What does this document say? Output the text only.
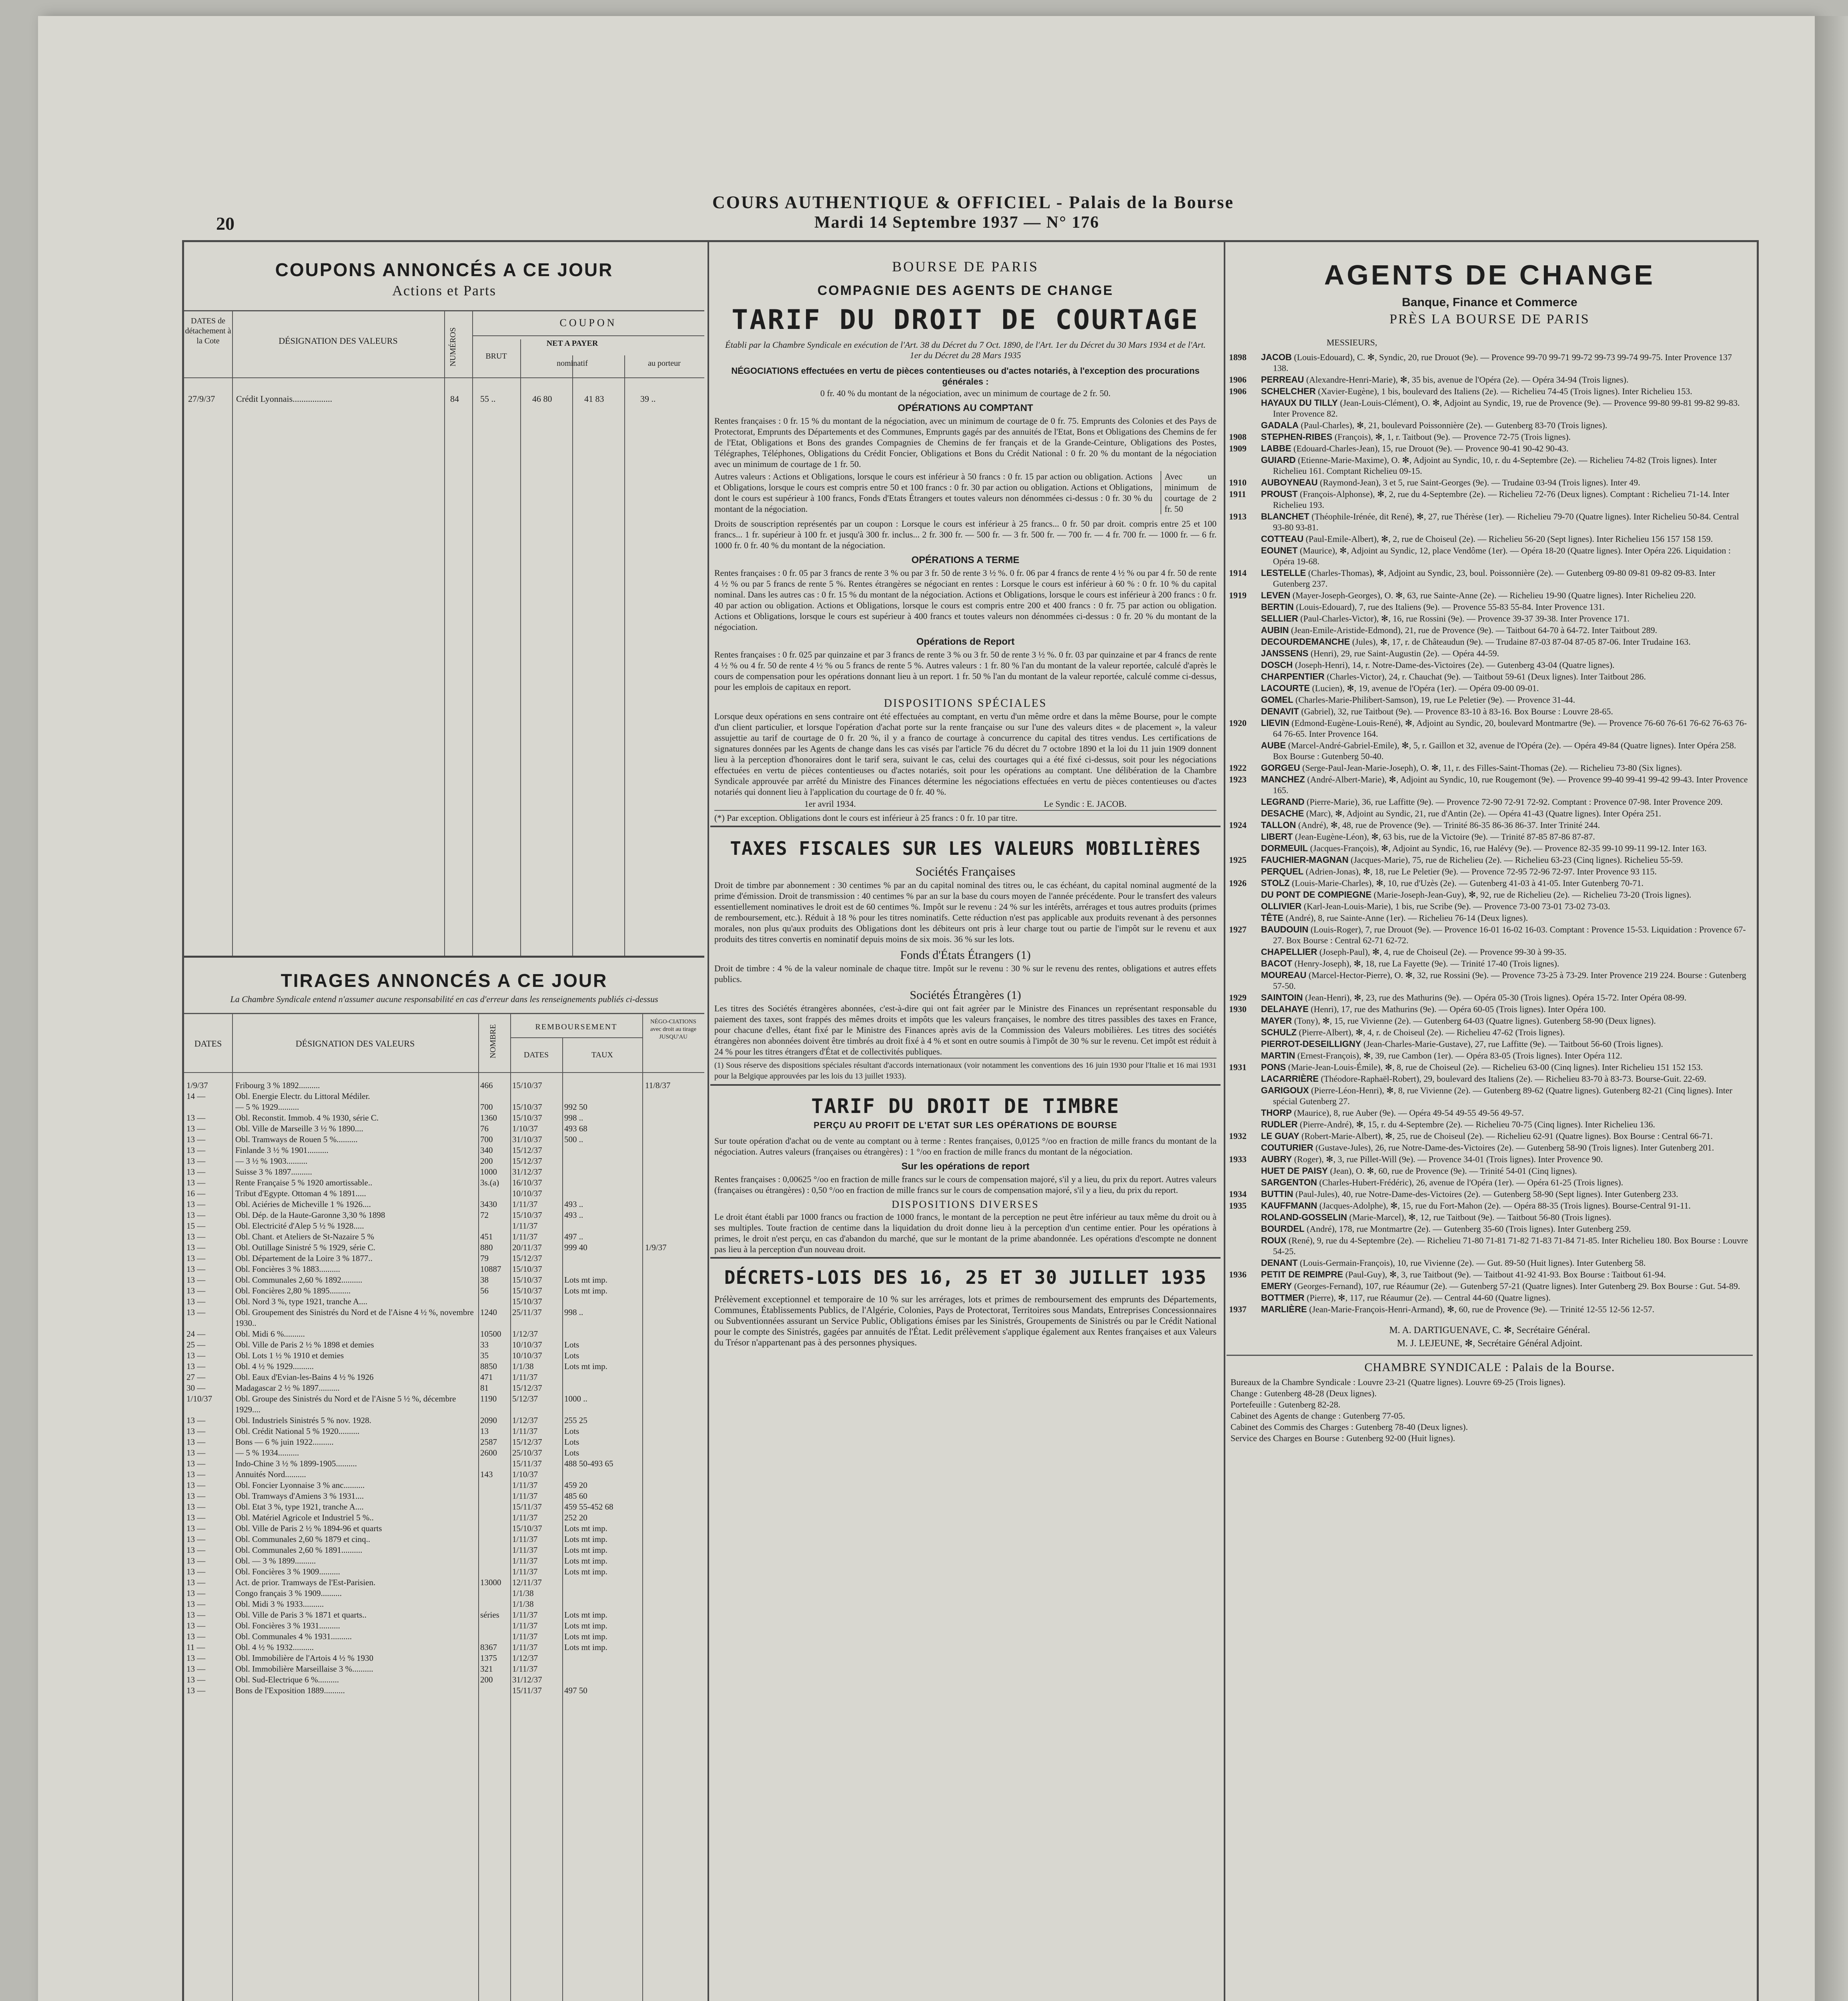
COURS AUTHENTIQUE & OFFICIEL - Palais de la Bourse
20	Mardi 14 Septembre 1937 — N° 176
COUPONS ANNONCÉS A CE JOUR
Actions et Parts
DATES de détachement à la Cote	DÉSIGNATION DES VALEURS	NUMÉROS
COUPON
BRUT
NET A PAYER
nominatif	au porteur
27/9/37 Crédit Lyonnais..................	84 55 ..	46 80	41 83	39 ..
TIRAGES ANNONCÉS A CE JOUR
La Chambre Syndicale entend n'assumer aucune responsabilité en cas d'erreur dans les renseignements publiés ci-dessus
DATES	DÉSIGNATION DES VALEURS	NOMBRE	REMBOURSEMENT
DATES	TAUX
NÉGO-CIATIONS avec droit au tirage JUSQU'AU
1/9/37	Fribourg 3 % 1892..........	466	15/10/37	11/8/37
14 —	Obl. Energie Electr. du Littoral Médiler.
— 5 % 1929..........	700	15/10/37	992 50
13 —	Obl. Reconstit. Immob. 4 % 1930, série C.	1360	15/10/37	998 ..
13 —	Obl. Ville de Marseille 3 ½ % 1890....	76	1/10/37	493 68
13 —	Obl. Tramways de Rouen 5 %..........	700	31/10/37	500 ..
13 —	Finlande 3 ½ % 1901..........	340	15/12/37
13 —	— 3 ½ % 1903..........	200	15/12/37
13 —	Suisse 3 % 1897..........	1000	31/12/37
13 —	Rente Française 5 % 1920 amortissable..	3s.(a)	16/10/37
16 —	Tribut d'Egypte. Ottoman 4 % 1891.....	10/10/37
13 —	Obl. Aciéries de Micheville 1 % 1926....	3430	1/11/37	493 ..
13 —	Obl. Dép. de la Haute-Garonne 3,30 % 1898	72	15/10/37	493 ..
15 —	Obl. Electricité d'Alep 5 ½ % 1928.....	1/11/37
13 —	Obl. Chant. et Ateliers de St-Nazaire 5 %	451	1/11/37	497 ..
13 —	Obl. Outillage Sinistré 5 % 1929, série C.	880	20/11/37	999 40	1/9/37
13 —	Obl. Département de la Loire 3 % 1877..	79	15/12/37
13 —	Obl. Foncières 3 % 1883..........	10887	15/10/37
13 —	Obl. Communales 2,60 % 1892..........	38	15/10/37	Lots mt imp.
13 —	Obl. Foncières 2,80 % 1895..........	56	15/10/37	Lots mt imp.
13 —	Obl. Nord 3 %, type 1921, tranche A....	15/10/37
13 —	Obl. Groupement des Sinistrés du Nord et de l'Aisne 4 ½ %, novembre 1930..
1240	25/11/37	998 ..
24 —	Obl. Midi 6 %..........	10500	1/12/37
25 —	Obl. Ville de Paris 2 ½ % 1898 et demies	33	10/10/37	Lots
13 —	Obl. Lots 1 ½ % 1910 et demies	35	10/10/37	Lots
13 —	Obl. 4 ½ % 1929..........	8850	1/1/38	Lots mt imp.
27 —	Obl. Eaux d'Evian-les-Bains 4 ½ % 1926	471	1/11/37
30 —	Madagascar 2 ½ % 1897..........	81	15/12/37
1/10/37	Obl. Groupe des Sinistrés du Nord et de l'Aisne 5 ½ %, décembre 1929....
1190	5/12/37	1000 ..
13 —	Obl. Industriels Sinistrés 5 % nov. 1928.	2090	1/12/37	255 25
13 —	Obl. Crédit National 5 % 1920..........	13	1/11/37	Lots
13 —	Bons — 6 % juin 1922..........	2587	15/12/37	Lots
13 —	— 5 % 1934..........	2600	25/10/37	Lots
13 —	Indo-Chine 3 ½ % 1899-1905..........	15/11/37	488 50-493 65
13 —	Annuités Nord..........	143	1/10/37
13 —	Obl. Foncier Lyonnaise 3 % anc..........	1/11/37	459 20
13 —	Obl. Tramways d'Amiens 3 % 1931....	1/11/37	485 60
13 —	Obl. Etat 3 %, type 1921, tranche A....	15/11/37	459 55-452 68
13 —	Obl. Matériel Agricole et Industriel 5 %..	1/11/37	252 20
13 —	Obl. Ville de Paris 2 ½ % 1894-96 et quarts	15/10/37	Lots mt imp.
13 —	Obl. Communales 2,60 % 1879 et cinq..	1/11/37	Lots mt imp.
13 —	Obl. Communales 2,60 % 1891..........	1/11/37	Lots mt imp.
13 —	Obl. — 3 % 1899..........	1/11/37	Lots mt imp.
13 —	Obl. Foncières 3 % 1909..........	1/11/37	Lots mt imp.
13 —	Act. de prior. Tramways de l'Est-Parisien.	13000	12/11/37
13 —	Congo français 3 % 1909..........	1/1/38
13 —	Obl. Midi 3 % 1933..........	1/1/38
13 —	Obl. Ville de Paris 3 % 1871 et quarts..	séries	1/11/37	Lots mt imp.
13 —	Obl. Foncières 3 % 1931..........	1/11/37	Lots mt imp.
13 —	Obl. Communales 4 % 1931..........	1/11/37	Lots mt imp.
11 —	Obl. 4 ½ % 1932..........	8367	1/11/37	Lots mt imp.
13 —	Obl. Immobilière de l'Artois 4 ½ % 1930	1375	1/12/37
13 —	Obl. Immobilière Marseillaise 3 %..........	321	1/11/37
13 —	Obl. Sud-Electrique 6 %..........	200	31/12/37
13 —	Bons de l'Exposition 1889..........	15/11/37	497 50
BOURSE DE PARIS
COMPAGNIE DES AGENTS DE CHANGE
TARIF DU DROIT DE COURTAGE
Établi par la Chambre Syndicale en exécution de l'Art. 38 du Décret du 7 Oct. 1890, de l'Art. 1er du Décret du 30 Mars 1934 et de l'Art. 1er du Décret du 28 Mars 1935
NÉGOCIATIONS effectuées en vertu de pièces contentieuses ou d'actes notariés, à l'exception des procurations générales :
0 fr. 40 % du montant de la négociation, avec un minimum de courtage de 2 fr. 50.
OPÉRATIONS AU COMPTANT
Rentes françaises : 0 fr. 15 % du montant de la négociation, avec un minimum de courtage de 0 fr. 75. Emprunts des Colonies et des Pays de Protectorat, Emprunts des Départements et des Communes, Emprunts gagés par des annuités de l'Etat, Bons et Obligations des Chemins de fer de l'Etat, Obligations et Bons des grandes Compagnies de Chemins de fer français et de la Grande-Ceinture, Obligations des Postes, Télégraphes, Téléphones, Obligations du Crédit Foncier, Obligations et Bons du Crédit National : 0 fr. 20 % du montant de la négociation avec un minimum de courtage de 1 fr. 50.
Autres valeurs : Actions et Obligations, lorsque le cours est inférieur à 50 francs : 0 fr. 15 par action ou obligation. Actions et Obligations, lorsque le cours est compris entre 50 et 100 francs : 0 fr. 30 par action ou obligation. Actions et Obligations, dont le cours est supérieur à 100 francs, Fonds d'Etats Étrangers et toutes valeurs non dénommées ci-dessus : 0 fr. 30 % du montant de la négociation.
Avec un minimum de courtage de 2 fr. 50
Droits de souscription représentés par un coupon : Lorsque le cours est inférieur à 25 francs... 0 fr. 50 par droit. compris entre 25 et 100 francs... 1 fr. supérieur à 100 fr. et jusqu'à 300 fr. inclus... 2 fr. 300 fr. — 500 fr. — 3 fr. 500 fr. — 700 fr. — 4 fr. 700 fr. — 1000 fr. — 6 fr. 1000 fr. 0 fr. 40 % du montant de la négociation.
OPÉRATIONS A TERME
Rentes françaises : 0 fr. 05 par 3 francs de rente 3 % ou par 3 fr. 50 de rente 3 ½ %. 0 fr. 06 par 4 francs de rente 4 ½ % ou par 4 fr. 50 de rente 4 ½ % ou par 5 francs de rente 5 %. Rentes étrangères se négociant en rentes : Lorsque le cours est inférieur à 60 % : 0 fr. 10 % du capital nominal. Dans les autres cas : 0 fr. 15 % du montant de la négociation. Actions et Obligations, lorsque le cours est inférieur à 200 francs : 0 fr. 40 par action ou obligation. Actions et Obligations, lorsque le cours est compris entre 200 et 400 francs : 0 fr. 75 par action ou obligation. Actions et Obligations, lorsque le cours est supérieur à 400 francs et toutes valeurs non dénommées ci-dessus : 0 fr. 20 % du montant de la négociation.
Opérations de Report
Rentes françaises : 0 fr. 025 par quinzaine et par 3 francs de rente 3 % ou 3 fr. 50 de rente 3 ½ %. 0 fr. 03 par quinzaine et par 4 francs de rente 4 ½ % ou 4 fr. 50 de rente 4 ½ % ou 5 francs de rente 5 %. Autres valeurs : 1 fr. 80 % l'an du montant de la valeur reportée, calculé d'après le cours de compensation pour les opérations donnant lieu à un report. 1 fr. 50 % l'an du montant de la valeur reportée, calculé comme ci-dessus, pour les emplois de capitaux en report.
DISPOSITIONS SPÉCIALES
Lorsque deux opérations en sens contraire ont été effectuées au comptant, en vertu d'un même ordre et dans la même Bourse, pour le compte d'un client particulier, et lorsque l'opération d'achat porte sur la rente française ou sur l'une des valeurs dites « de placement », la valeur assujettie au tarif de courtage de 0 fr. 20 %, il y a franco de courtage à concurrence du capital des titres vendus. Les certifications de signatures données par les Agents de change dans les cas visés par l'article 76 du décret du 7 octobre 1890 et la loi du 11 juin 1909 donnent lieu à la perception d'honoraires dont le tarif sera, suivant le cas, celui des courtages qui a été fixé ci-dessus, soit pour les négociations effectuées en vertu de pièces contentieuses ou d'actes notariés, soit pour les opérations au comptant. Une délibération de la Chambre Syndicale approuvée par arrêté du Ministre des Finances détermine les négociations effectuées en vertu de pièces contentieuses ou d'actes notariés qui donnent lieu à l'application du courtage de 0 fr. 40 %.
1er avril 1934.	Le Syndic : E. JACOB.
(*) Par exception. Obligations dont le cours est inférieur à 25 francs : 0 fr. 10 par titre.
TAXES FISCALES SUR LES VALEURS MOBILIÈRES
Sociétés Françaises
Droit de timbre par abonnement : 30 centimes % par an du capital nominal des titres ou, le cas échéant, du capital nominal augmenté de la prime d'émission. Droit de transmission : 40 centimes % par an sur la base du cours moyen de l'année précédente. Pour le transfert des valeurs essentiellement nominatives le droit est de 60 centimes %. Impôt sur le revenu : 24 % sur les intérêts, arrérages et tous autres produits (primes de remboursement, etc.). Réduit à 18 % pour les titres nominatifs. Cette réduction n'est pas applicable aux produits revenant à des personnes morales, non plus qu'aux produits des Obligations dont les débiteurs ont pris à leur charge tout ou partie de l'impôt sur le revenu et aux produits des titres convertis en nominatif depuis moins de six mois. 36 % sur les lots.
Fonds d'États Étrangers (1)
Droit de timbre : 4 % de la valeur nominale de chaque titre. Impôt sur le revenu : 30 % sur le revenu des rentes, obligations et autres effets publics.
Sociétés Étrangères (1)
Les titres des Sociétés étrangères abonnées, c'est-à-dire qui ont fait agréer par le Ministre des Finances un représentant responsable du paiement des taxes, sont frappés des mêmes droits et impôts que les valeurs françaises, le nombre des titres passibles des taxes en France, pour chacune d'elles, étant fixé par le Ministre des Finances après avis de la Commission des Valeurs mobilières. Les titres des sociétés étrangères non abonnées doivent être timbrés au droit fixé à 4 % et sont en outre soumis à l'impôt de 30 % sur le revenu. Cet impôt est réduit à 24 % pour les titres étrangers d'État et de collectivités publiques.
(1) Sous réserve des dispositions spéciales résultant d'accords internationaux (voir notamment les conventions des 16 juin 1930 pour l'Italie et 16 mai 1931 pour la Belgique approuvées par les lois du 13 juillet 1933).
TARIF DU DROIT DE TIMBRE
PERÇU AU PROFIT DE L'ETAT SUR LES OPÉRATIONS DE BOURSE
Sur toute opération d'achat ou de vente au comptant ou à terme : Rentes françaises, 0,0125 °/oo en fraction de mille francs du montant de la négociation. Autres valeurs (françaises ou étrangères) : 1 °/oo en fraction de mille francs du montant de la négociation.
Sur les opérations de report
Rentes françaises : 0,00625 °/oo en fraction de mille francs sur le cours de compensation majoré, s'il y a lieu, du prix du report. Autres valeurs (françaises ou étrangères) : 0,50 °/oo en fraction de mille francs sur le cours de compensation majoré, s'il y a lieu, du prix du report.
DISPOSITIONS DIVERSES
Le droit étant établi par 1000 francs ou fraction de 1000 francs, le montant de la perception ne peut être inférieur au taux même du droit ou à ses multiples. Toute fraction de centime dans la liquidation du droit donne lieu à la perception d'un centime entier. Pour les opérations à primes, le droit n'est perçu, en cas d'abandon du marché, que sur le montant de la prime abandonnée. Les opérations d'escompte ne donnent pas lieu à la perception d'un nouveau droit.
DÉCRETS-LOIS DES 16, 25 ET 30 JUILLET 1935
Prélèvement exceptionnel et temporaire de 10 % sur les arrérages, lots et primes de remboursement des emprunts des Départements, Communes, Établissements Publics, de l'Algérie, Colonies, Pays de Protectorat, Territoires sous Mandats, Entreprises Concessionnaires ou Subventionnées assurant un Service Public, Obligations émises par les Sinistrés, Groupements de Sinistrés ou par le Crédit National pour le compte des Sinistrés, gagées par annuités de l'État. Ledit prélèvement s'applique également aux Rentes françaises et aux Valeurs du Trésor n'appartenant pas à des personnes physiques.
AGENTS DE CHANGE
Banque, Finance et Commerce
PRÈS LA BOURSE DE PARIS
MESSIEURS,
1898 JACOB (Louis-Edouard), C. ✻, Syndic, 20, rue Drouot (9e). — Provence 99-70 99-71 99-72 99-73 99-74 99-75. Inter Provence 137 138.
1906 PERREAU (Alexandre-Henri-Marie), ✻, 35 bis, avenue de l'Opéra (2e). — Opéra 34-94 (Trois lignes).
1906 SCHELCHER (Xavier-Eugène), 1 bis, boulevard des Italiens (2e). — Richelieu 74-45 (Trois lignes). Inter Richelieu 153.
HAYAUX DU TILLY (Jean-Louis-Clément), O. ✻, Adjoint au Syndic, 19, rue de Provence (9e). — Provence 99-80 99-81 99-82 99-83. Inter Provence 82.
GADALA (Paul-Charles), ✻, 21, boulevard Poissonnière (2e). — Gutenberg 83-70 (Trois lignes).
1908 STEPHEN-RIBES (François), ✻, 1, r. Taitbout (9e). — Provence 72-75 (Trois lignes).
1909 LABBE (Edouard-Charles-Jean), 15, rue Drouot (9e). — Provence 90-41 90-42 90-43.
GUIARD (Etienne-Marie-Maxime), O. ✻, Adjoint au Syndic, 10, r. du 4-Septembre (2e). — Richelieu 74-82 (Trois lignes). Inter Richelieu 161. Comptant Richelieu 09-15.
1910 AUBOYNEAU (Raymond-Jean), 3 et 5, rue Saint-Georges (9e). — Trudaine 03-94 (Trois lignes). Inter 49.
1911 PROUST (François-Alphonse), ✻, 2, rue du 4-Septembre (2e). — Richelieu 72-76 (Deux lignes). Comptant : Richelieu 71-14. Inter Richelieu 193.
1913 BLANCHET (Théophile-Irénée, dit René), ✻, 27, rue Thérèse (1er). — Richelieu 79-70 (Quatre lignes). Inter Richelieu 50-84. Central 93-80 93-81.
COTTEAU (Paul-Emile-Albert), ✻, 2, rue de Choiseul (2e). — Richelieu 56-20 (Sept lignes). Inter Richelieu 156 157 158 159.
EOUNET (Maurice), ✻, Adjoint au Syndic, 12, place Vendôme (1er). — Opéra 18-20 (Quatre lignes). Inter Opéra 226. Liquidation : Opéra 19-68.
1914 LESTELLE (Charles-Thomas), ✻, Adjoint au Syndic, 23, boul. Poissonnière (2e). — Gutenberg 09-80 09-81 09-82 09-83. Inter Gutenberg 237.
1919 LEVEN (Mayer-Joseph-Georges), O. ✻, 63, rue Sainte-Anne (2e). — Richelieu 19-90 (Quatre lignes). Inter Richelieu 220.
BERTIN (Louis-Edouard), 7, rue des Italiens (9e). — Provence 55-83 55-84. Inter Provence 131.
SELLIER (Paul-Charles-Victor), ✻, 16, rue Rossini (9e). — Provence 39-37 39-38. Inter Provence 171.
AUBIN (Jean-Emile-Aristide-Edmond), 21, rue de Provence (9e). — Taitbout 64-70 à 64-72. Inter Taitbout 289.
DECOURDEMANCHE (Jules), ✻, 17, r. de Châteaudun (9e). — Trudaine 87-03 87-04 87-05 87-06. Inter Trudaine 163.
JANSSENS (Henri), 29, rue Saint-Augustin (2e). — Opéra 44-59.
DOSCH (Joseph-Henri), 14, r. Notre-Dame-des-Victoires (2e). — Gutenberg 43-04 (Quatre lignes).
CHARPENTIER (Charles-Victor), 24, r. Chauchat (9e). — Taitbout 59-61 (Deux lignes). Inter Taitbout 286.
LACOURTE (Lucien), ✻, 19, avenue de l'Opéra (1er). — Opéra 09-00 09-01.
GOMEL (Charles-Marie-Philibert-Samson), 19, rue Le Peletier (9e). — Provence 31-44.
DENAVIT (Gabriel), 32, rue Taitbout (9e). — Provence 83-10 à 83-16. Box Bourse : Louvre 28-65.
1920 LIEVIN (Edmond-Eugène-Louis-René), ✻, Adjoint au Syndic, 20, boulevard Montmartre (9e). — Provence 76-60 76-61 76-62 76-63 76-64 76-65. Inter Provence 164.
AUBE (Marcel-André-Gabriel-Emile), ✻, 5, r. Gaillon et 32, avenue de l'Opéra (2e). — Opéra 49-84 (Quatre lignes). Inter Opéra 258. Box Bourse : Gutenberg 50-40.
1922 GORGEU (Serge-Paul-Jean-Marie-Joseph), O. ✻, 11, r. des Filles-Saint-Thomas (2e). — Richelieu 73-80 (Six lignes).
1923 MANCHEZ (André-Albert-Marie), ✻, Adjoint au Syndic, 10, rue Rougemont (9e). — Provence 99-40 99-41 99-42 99-43. Inter Provence 165.
LEGRAND (Pierre-Marie), 36, rue Laffitte (9e). — Provence 72-90 72-91 72-92. Comptant : Provence 07-98. Inter Provence 209.
DESACHE (Marc), ✻, Adjoint au Syndic, 21, rue d'Antin (2e). — Opéra 41-43 (Quatre lignes). Inter Opéra 251.
1924 TALLON (André), ✻, 48, rue de Provence (9e). — Trinité 86-35 86-36 86-37. Inter Trinité 244.
LIBERT (Jean-Eugène-Léon), ✻, 63 bis, rue de la Victoire (9e). — Trinité 87-85 87-86 87-87.
DORMEUIL (Jacques-François), ✻, Adjoint au Syndic, 16, rue Halévy (9e). — Provence 82-35 99-10 99-11 99-12. Inter 163.
1925 FAUCHIER-MAGNAN (Jacques-Marie), 75, rue de Richelieu (2e). — Richelieu 63-23 (Cinq lignes). Richelieu 55-59.
PERQUEL (Adrien-Jonas), ✻, 18, rue Le Peletier (9e). — Provence 72-95 72-96 72-97. Inter Provence 93 115.
1926 STOLZ (Louis-Marie-Charles), ✻, 10, rue d'Uzès (2e). — Gutenberg 41-03 à 41-05. Inter Gutenberg 70-71.
DU PONT DE COMPIEGNE (Marie-Joseph-Jean-Guy), ✻, 92, rue de Richelieu (2e). — Richelieu 73-20 (Trois lignes).
OLLIVIER (Karl-Jean-Louis-Marie), 1 bis, rue Scribe (9e). — Provence 73-00 73-01 73-02 73-03.
TÊTE (André), 8, rue Sainte-Anne (1er). — Richelieu 76-14 (Deux lignes).
1927 BAUDOUIN (Louis-Roger), 7, rue Drouot (9e). — Provence 16-01 16-02 16-03. Comptant : Provence 15-53. Liquidation : Provence 67-27. Box Bourse : Central 62-71 62-72.
CHAPELLIER (Joseph-Paul), ✻, 4, rue de Choiseul (2e). — Provence 99-30 à 99-35.
BACOT (Henry-Joseph), ✻, 18, rue La Fayette (9e). — Trinité 17-40 (Trois lignes).
MOUREAU (Marcel-Hector-Pierre), O. ✻, 32, rue Rossini (9e). — Provence 73-25 à 73-29. Inter Provence 219 224. Bourse : Gutenberg 57-50.
1929 SAINTOIN (Jean-Henri), ✻, 23, rue des Mathurins (9e). — Opéra 05-30 (Trois lignes). Opéra 15-72. Inter Opéra 08-99.
1930 DELAHAYE (Henri), 17, rue des Mathurins (9e). — Opéra 60-05 (Trois lignes). Inter Opéra 100.
MAYER (Tony), ✻, 15, rue Vivienne (2e). — Gutenberg 64-03 (Quatre lignes). Gutenberg 58-90 (Deux lignes).
SCHULZ (Pierre-Albert), ✻, 4, r. de Choiseul (2e). — Richelieu 47-62 (Trois lignes).
PIERROT-DESEILLIGNY (Jean-Charles-Marie-Gustave), 27, rue Laffitte (9e). — Taitbout 56-60 (Trois lignes).
MARTIN (Ernest-François), ✻, 39, rue Cambon (1er). — Opéra 83-05 (Trois lignes). Inter Opéra 112.
1931 PONS (Marie-Jean-Louis-Émile), ✻, 8, rue de Choiseul (2e). — Richelieu 63-00 (Cinq lignes). Inter Richelieu 151 152 153.
LACARRIÈRE (Théodore-Raphaël-Robert), 29, boulevard des Italiens (2e). — Richelieu 83-70 à 83-73. Bourse-Guit. 22-69.
GARIGOUX (Pierre-Léon-Henri), ✻, 8, rue Vivienne (2e). — Gutenberg 89-62 (Quatre lignes). Gutenberg 82-21 (Cinq lignes). Inter spécial Gutenberg 27.
THORP (Maurice), 8, rue Auber (9e). — Opéra 49-54 49-55 49-56 49-57.
RUDLER (Pierre-André), ✻, 15, r. du 4-Septembre (2e). — Richelieu 70-75 (Cinq lignes). Inter Richelieu 136.
1932 LE GUAY (Robert-Marie-Albert), ✻, 25, rue de Choiseul (2e). — Richelieu 62-91 (Quatre lignes). Box Bourse : Central 66-71.
COUTURIER (Gustave-Jules), 26, rue Notre-Dame-des-Victoires (2e). — Gutenberg 58-90 (Trois lignes). Inter Gutenberg 201.
1933 AUBRY (Roger), ✻, 3, rue Pillet-Will (9e). — Provence 34-01 (Trois lignes). Inter Provence 90.
HUET DE PAISY (Jean), O. ✻, 60, rue de Provence (9e). — Trinité 54-01 (Cinq lignes).
SARGENTON (Charles-Hubert-Frédéric), 26, avenue de l'Opéra (1er). — Opéra 61-25 (Trois lignes).
1934 BUTTIN (Paul-Jules), 40, rue Notre-Dame-des-Victoires (2e). — Gutenberg 58-90 (Sept lignes). Inter Gutenberg 233.
1935 KAUFFMANN (Jacques-Adolphe), ✻, 15, rue du Fort-Mahon (2e). — Opéra 88-35 (Trois lignes). Bourse-Central 91-11.
ROLAND-GOSSELIN (Marie-Marcel), ✻, 12, rue Taitbout (9e). — Taitbout 56-80 (Trois lignes).
BOURDEL (André), 178, rue Montmartre (2e). — Gutenberg 35-60 (Trois lignes). Inter Gutenberg 259.
ROUX (René), 9, rue du 4-Septembre (2e). — Richelieu 71-80 71-81 71-82 71-83 71-84 71-85. Inter Richelieu 180. Box Bourse : Louvre 54-25.
DENANT (Louis-Germain-François), 10, rue Vivienne (2e). — Gut. 89-50 (Huit lignes). Inter Gutenberg 58.
1936 PETIT DE REIMPRE (Paul-Guy), ✻, 3, rue Taitbout (9e). — Taitbout 41-92 41-93. Box Bourse : Taitbout 61-94.
EMERY (Georges-Fernand), 107, rue Réaumur (2e). — Gutenberg 57-21 (Quatre lignes). Inter Gutenberg 29. Box Bourse : Gut. 54-89.
BOTTMER (Pierre), ✻, 117, rue Réaumur (2e). — Central 44-60 (Quatre lignes).
1937 MARLIÈRE (Jean-Marie-François-Henri-Armand), ✻, 60, rue de Provence (9e). — Trinité 12-55 12-56 12-57.
M. A. DARTIGUENAVE, C. ✻, Secrétaire Général.
M. J. LEJEUNE, ✻, Secrétaire Général Adjoint.
CHAMBRE SYNDICALE : Palais de la Bourse.
Bureaux de la Chambre Syndicale : Louvre 23-21 (Quatre lignes). Louvre 69-25 (Trois lignes).
Change : Gutenberg 48-28 (Deux lignes).
Portefeuille : Gutenberg 82-28.
Cabinet des Agents de change : Gutenberg 77-05.
Cabinet des Commis des Charges : Gutenberg 78-40 (Deux lignes).
Service des Charges en Bourse : Gutenberg 92-00 (Huit lignes).
